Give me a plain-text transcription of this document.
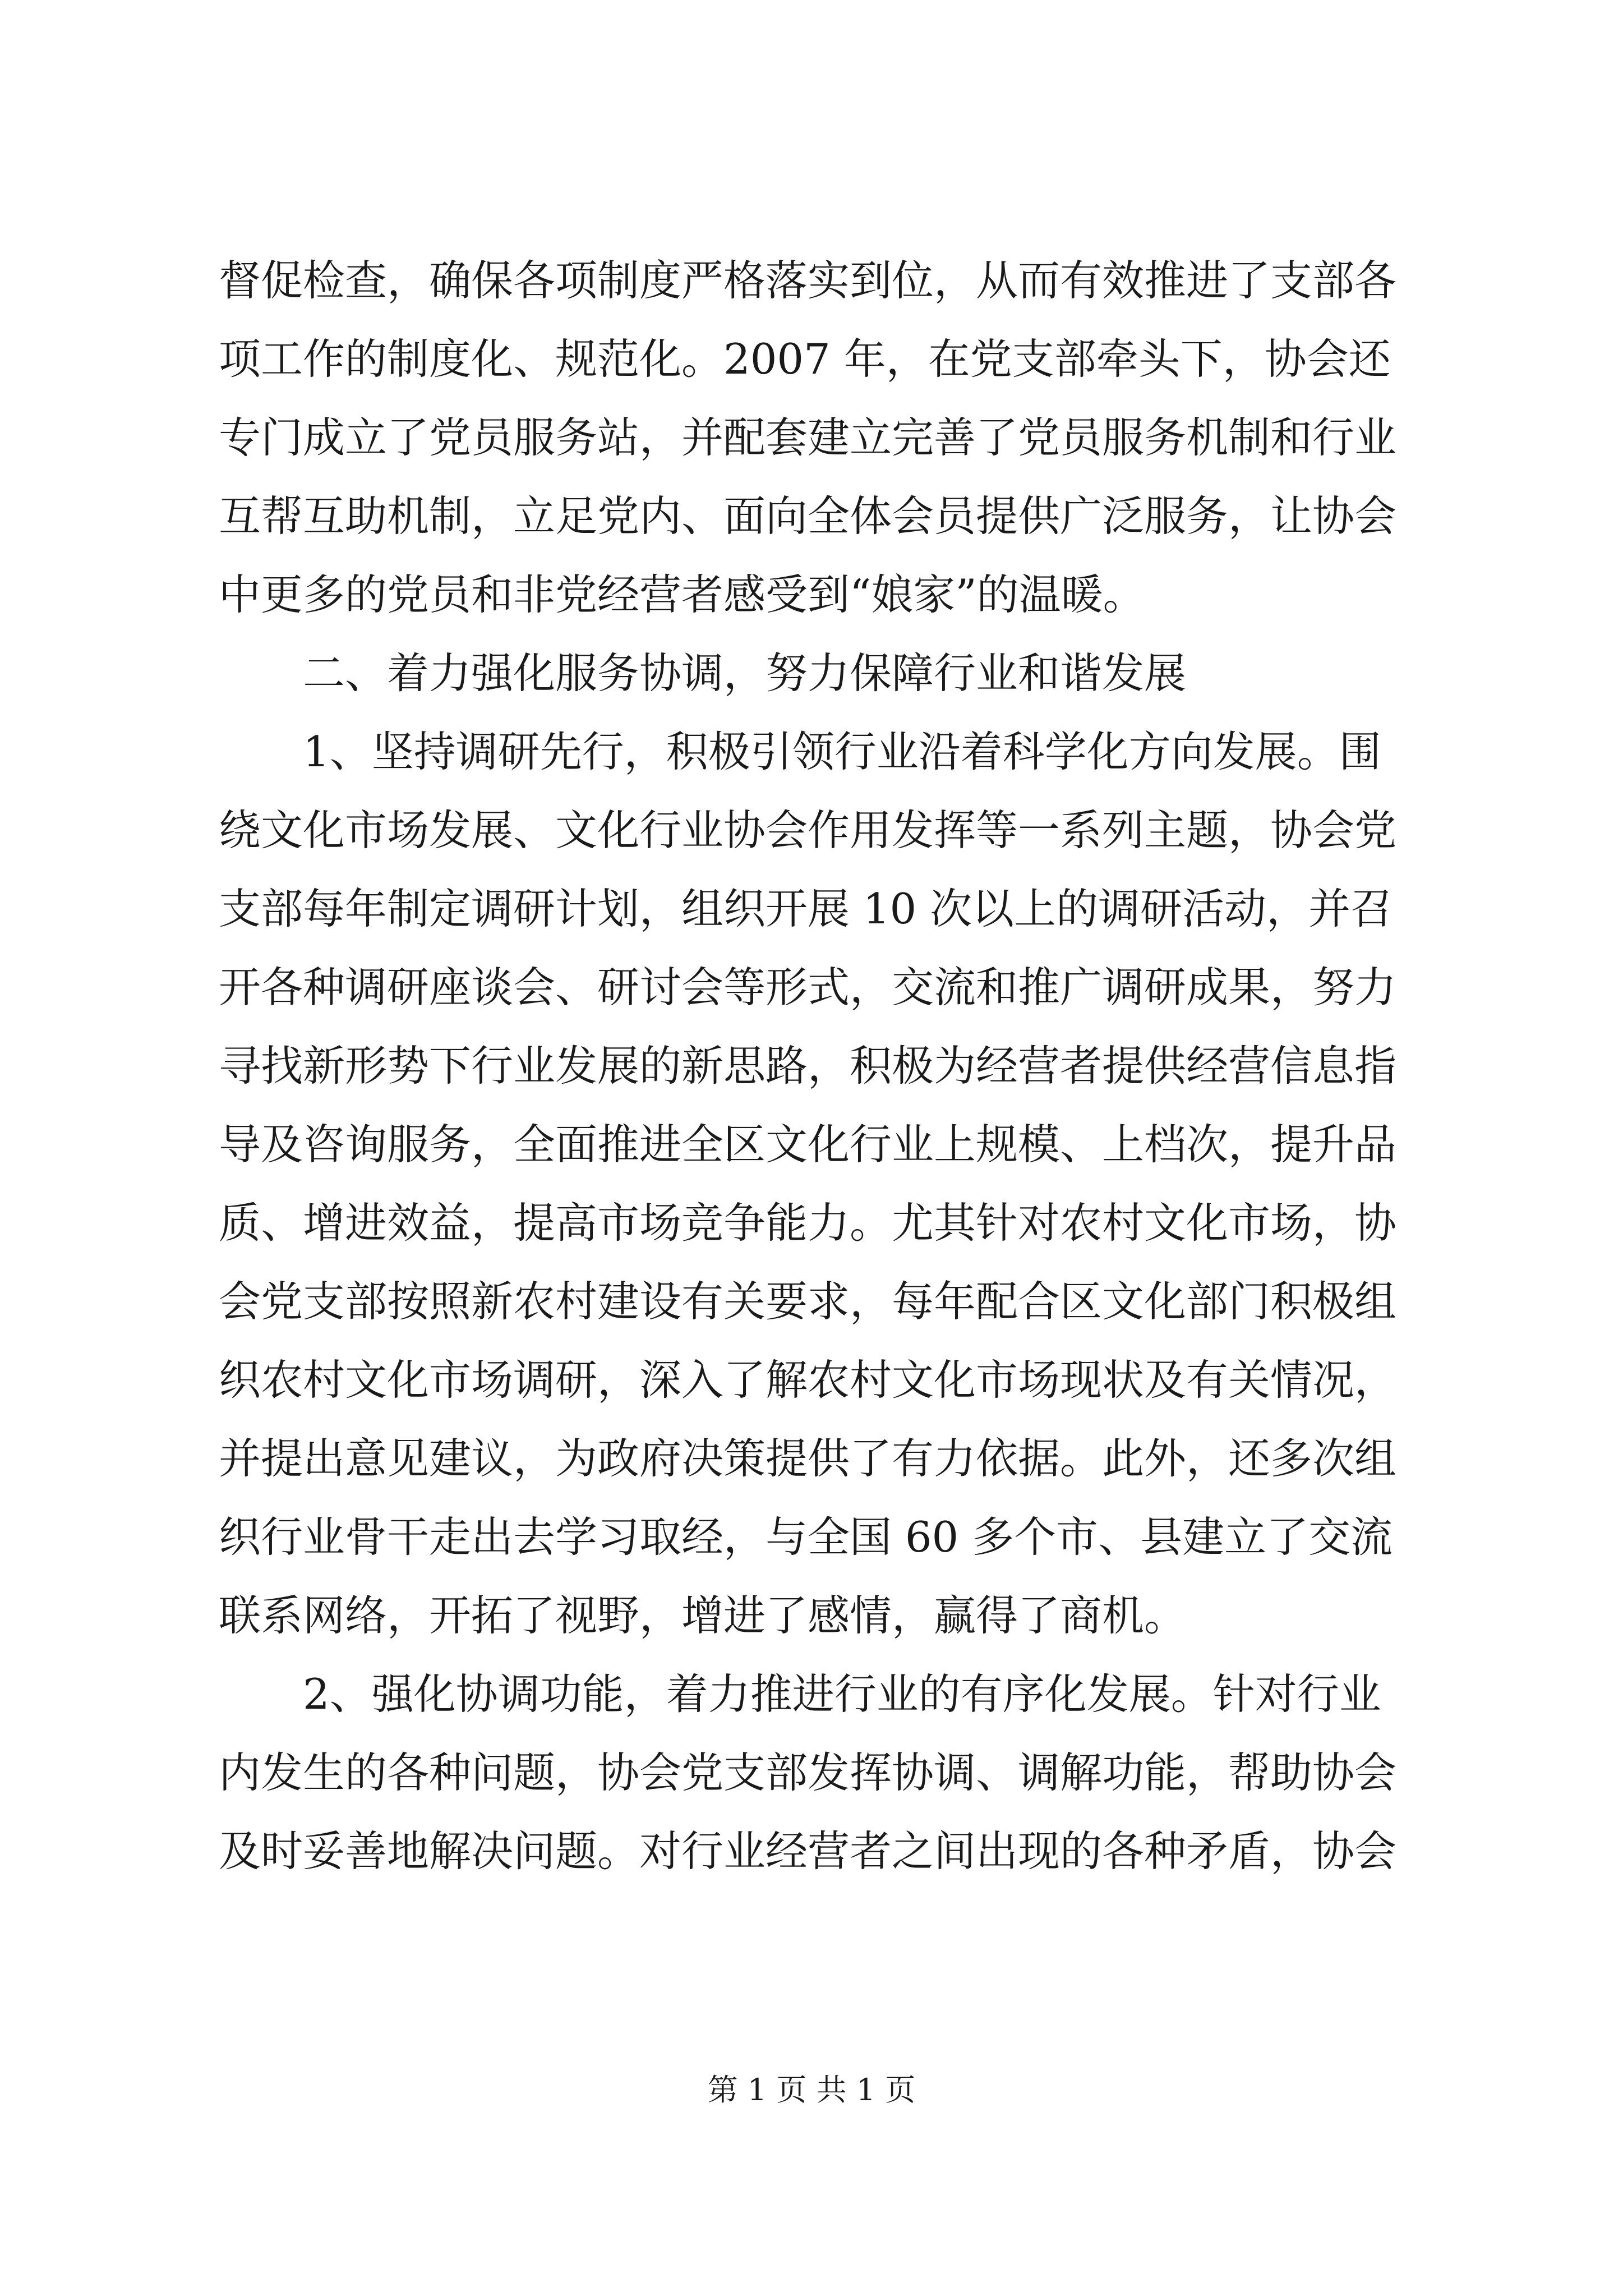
督促检查，确保各项制度严格落实到位，从而有效推进了支部各
项工作的制度化、规范化。2007 年，在党支部牵头下，协会还
专门成立了党员服务站，并配套建立完善了党员服务机制和行业
互帮互助机制，立足党内、面向全体会员提供广泛服务，让协会
中更多的党员和非党经营者感受到“娘家”的温暖。
二、着力强化服务协调，努力保障行业和谐发展
1、坚持调研先行，积极引领行业沿着科学化方向发展。围
绕文化市场发展、文化行业协会作用发挥等一系列主题，协会党
支部每年制定调研计划，组织开展 10 次以上的调研活动，并召
开各种调研座谈会、研讨会等形式，交流和推广调研成果，努力
寻找新形势下行业发展的新思路，积极为经营者提供经营信息指
导及咨询服务，全面推进全区文化行业上规模、上档次，提升品
质、增进效益，提高市场竞争能力。尤其针对农村文化市场，协
会党支部按照新农村建设有关要求，每年配合区文化部门积极组
织农村文化市场调研，深入了解农村文化市场现状及有关情况，
并提出意见建议，为政府决策提供了有力依据。此外，还多次组
织行业骨干走出去学习取经，与全国 60 多个市、县建立了交流
联系网络，开拓了视野，增进了感情，赢得了商机。
2、强化协调功能，着力推进行业的有序化发展。针对行业
内发生的各种问题，协会党支部发挥协调、调解功能，帮助协会
及时妥善地解决问题。对行业经营者之间出现的各种矛盾，协会
第 1 页 共 1 页
